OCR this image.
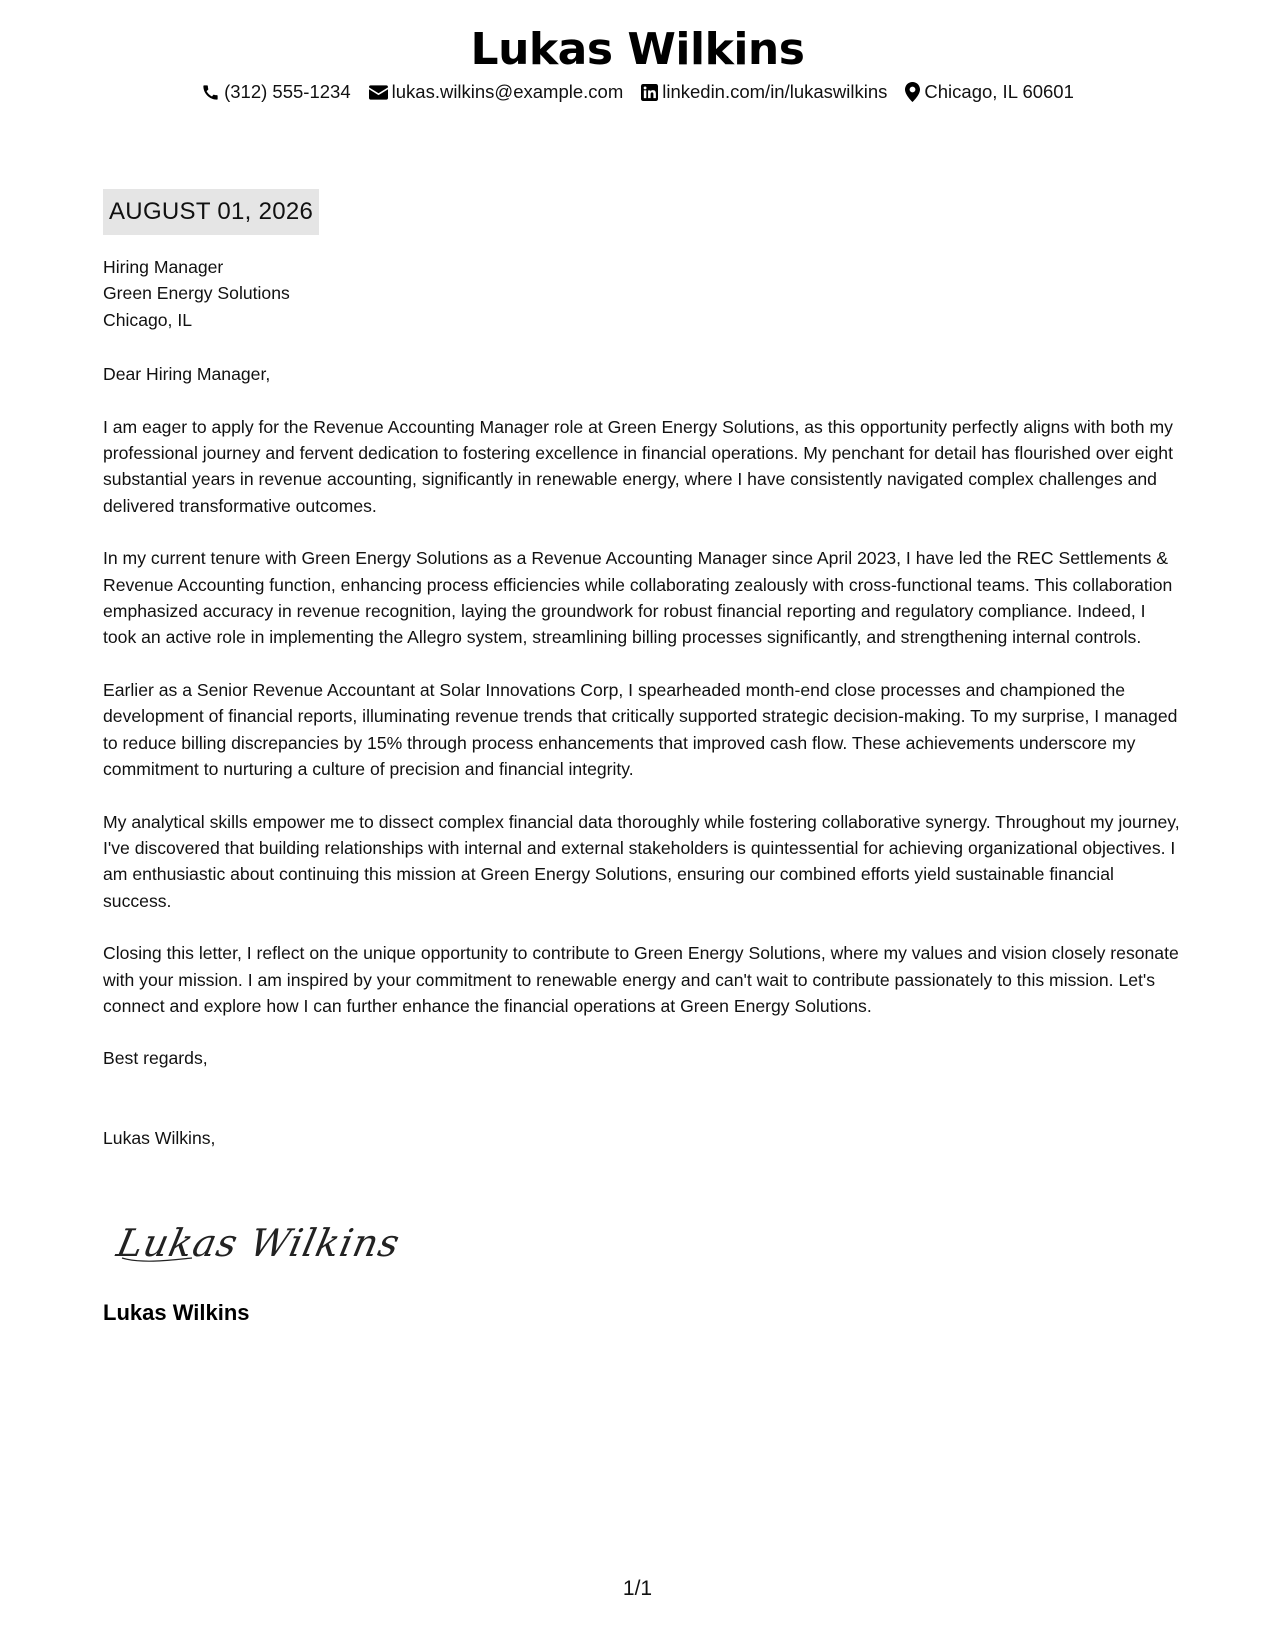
Lukas Wilkins
(312) 555-1234 lukas.wilkins@example.com linkedin.com/in/lukaswilkins Chicago, IL 60601
AUGUST 01, 2026
Hiring Manager
Green Energy Solutions
Chicago, IL
Dear Hiring Manager,
I am eager to apply for the Revenue Accounting Manager role at Green Energy Solutions, as this opportunity perfectly aligns with both my professional journey and fervent dedication to fostering excellence in financial operations. My penchant for detail has flourished over eight substantial years in revenue accounting, significantly in renewable energy, where I have consistently navigated complex challenges and delivered transformative outcomes.
In my current tenure with Green Energy Solutions as a Revenue Accounting Manager since April 2023, I have led the REC Settlements & Revenue Accounting function, enhancing process efficiencies while collaborating zealously with cross-functional teams. This collaboration emphasized accuracy in revenue recognition, laying the groundwork for robust financial reporting and regulatory compliance. Indeed, I took an active role in implementing the Allegro system, streamlining billing processes significantly, and strengthening internal controls.
Earlier as a Senior Revenue Accountant at Solar Innovations Corp, I spearheaded month-end close processes and championed the development of financial reports, illuminating revenue trends that critically supported strategic decision-making. To my surprise, I managed to reduce billing discrepancies by 15% through process enhancements that improved cash flow. These achievements underscore my commitment to nurturing a culture of precision and financial integrity.
My analytical skills empower me to dissect complex financial data thoroughly while fostering collaborative synergy. Throughout my journey, I've discovered that building relationships with internal and external stakeholders is quintessential for achieving organizational objectives. I am enthusiastic about continuing this mission at Green Energy Solutions, ensuring our combined efforts yield sustainable financial success.
Closing this letter, I reflect on the unique opportunity to contribute to Green Energy Solutions, where my values and vision closely resonate with your mission. I am inspired by your commitment to renewable energy and can't wait to contribute passionately to this mission. Let's connect and explore how I can further enhance the financial operations at Green Energy Solutions.
Best regards,
Lukas Wilkins,
Lukas Wilkins
Lukas Wilkins
1/1
